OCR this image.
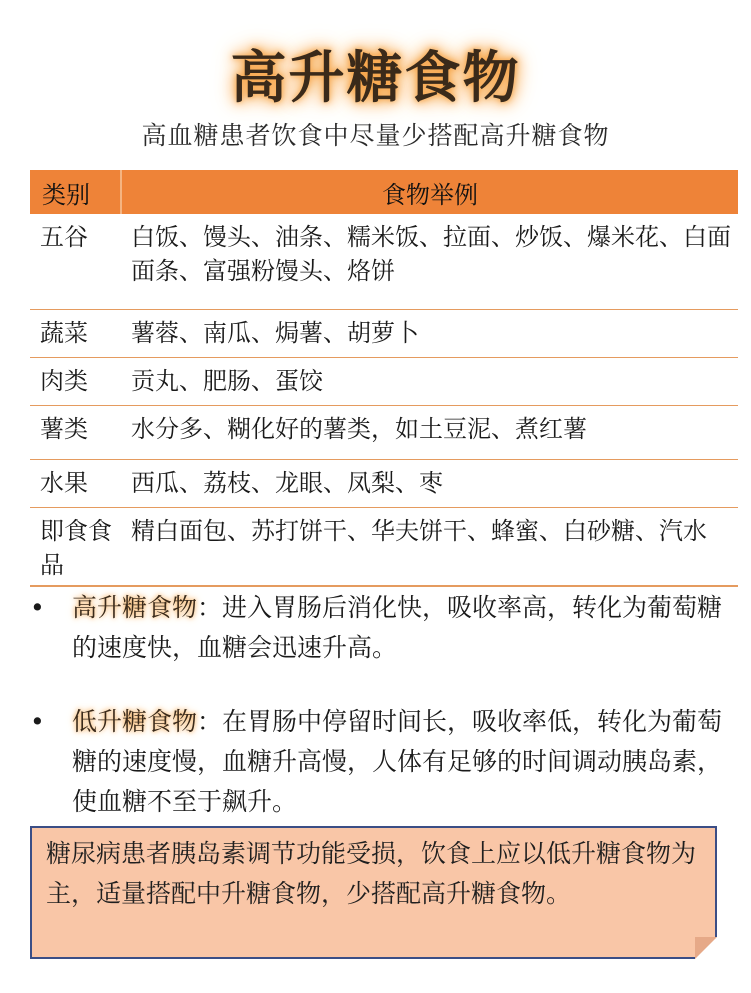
高升糖食物
高血糖患者饮食中尽量少搭配高升糖食物
类别	食物举例
五谷	白饭、馒头、油条、糯米饭、拉面、炒饭、爆米花、白面面条、富强粉馒头、烙饼
蔬菜	薯蓉、南瓜、焗薯、胡萝卜
肉类	贡丸、肥肠、蛋饺
薯类	水分多、糊化好的薯类，如土豆泥、煮红薯
水果	西瓜、荔枝、龙眼、凤梨、枣
即食食品	精白面包、苏打饼干、华夫饼干、蜂蜜、白砂糖、汽水
• 高升糖食物：进入胃肠后消化快，吸收率高，转化为葡萄糖的速度快，血糖会迅速升高。
• 低升糖食物：在胃肠中停留时间长，吸收率低，转化为葡萄糖的速度慢，血糖升高慢，人体有足够的时间调动胰岛素，使血糖不至于飙升。
糖尿病患者胰岛素调节功能受损，饮食上应以低升糖食物为主，适量搭配中升糖食物，少搭配高升糖食物。
